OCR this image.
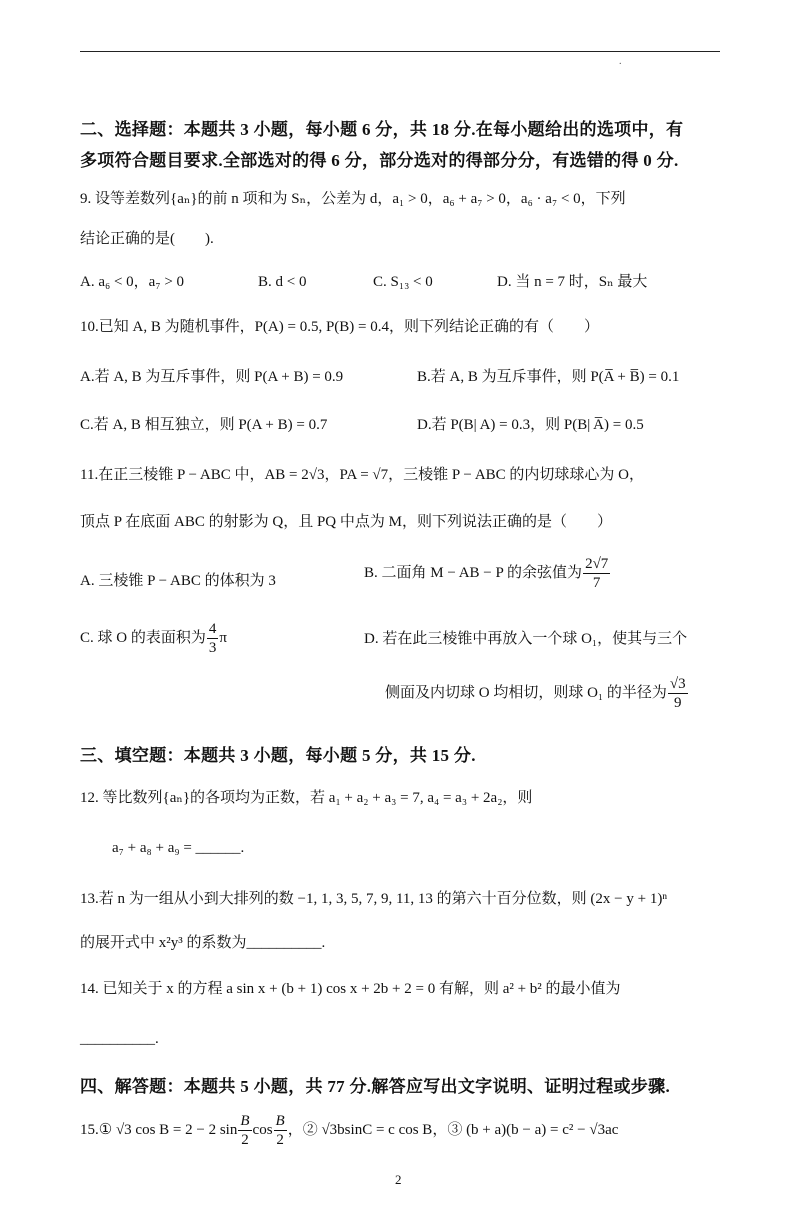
.
二、选择题：本题共 3 小题，每小题 6 分，共 18 分.在每小题给出的选项中，有
多项符合题目要求.全部选对的得 6 分，部分选对的得部分分，有选错的得 0 分.
9. 设等差数列{aₙ}的前 n 项和为 Sₙ，公差为 d，a₁ > 0，a₆ + a₇ > 0，a₆ · a₇ < 0，下列
结论正确的是(　　).
A. a₆ < 0，a₇ > 0	B. d < 0	C. S₁₃ < 0	D. 当 n = 7 时，Sₙ 最大
10.已知 A, B 为随机事件，P(A) = 0.5, P(B) = 0.4，则下列结论正确的有（　　）
A.若 A, B 为互斥事件，则 P(A + B) = 0.9	B.若 A, B 为互斥事件，则 P(A̅ + B̅) = 0.1
C.若 A, B 相互独立，则 P(A + B) = 0.7	D.若 P(B| A) = 0.3，则 P(B| A̅) = 0.5
11.在正三棱锥 P − ABC 中，AB = 2√3，PA = √7，三棱锥 P − ABC 的内切球球心为 O，
顶点 P 在底面 ABC 的射影为 Q，且 PQ 中点为 M，则下列说法正确的是（　　）
A. 三棱锥 P − ABC 的体积为 3
B. 二面角 M − AB − P 的余弦值为 $\frac{2√7}{7}$
C. 球 O 的表面积为 $\frac{4}{3}$ π	D. 若在此三棱锥中再放入一个球 O₁，使其与三个
侧面及内切球 O 均相切，则球 O₁ 的半径为 $\frac{√3}{9}$
三、填空题：本题共 3 小题，每小题 5 分，共 15 分.
12. 等比数列{aₙ}的各项均为正数，若 a₁ + a₂ + a₃ = 7, a₄ = a₃ + 2a₂，则
a₇ + a₈ + a₉ = ______.
13.若 n 为一组从小到大排列的数 −1, 1, 3, 5, 7, 9, 11, 13 的第六十百分位数，则 (2x − y + 1)ⁿ
的展开式中 x²y³ 的系数为__________.
14. 已知关于 x 的方程 a sin x + (b + 1) cos x + 2b + 2 = 0 有解，则 a² + b² 的最小值为
__________.
四、解答题：本题共 5 小题，共 77 分.解答应写出文字说明、证明过程或步骤.
15.① √3 cos B = 2 − 2 $\sin \frac{B}{2}$ $\cos \frac{B}{2}$ ，② √3bsinC = c cos B，③ (b + a)(b − a) = c² − √3ac
2
